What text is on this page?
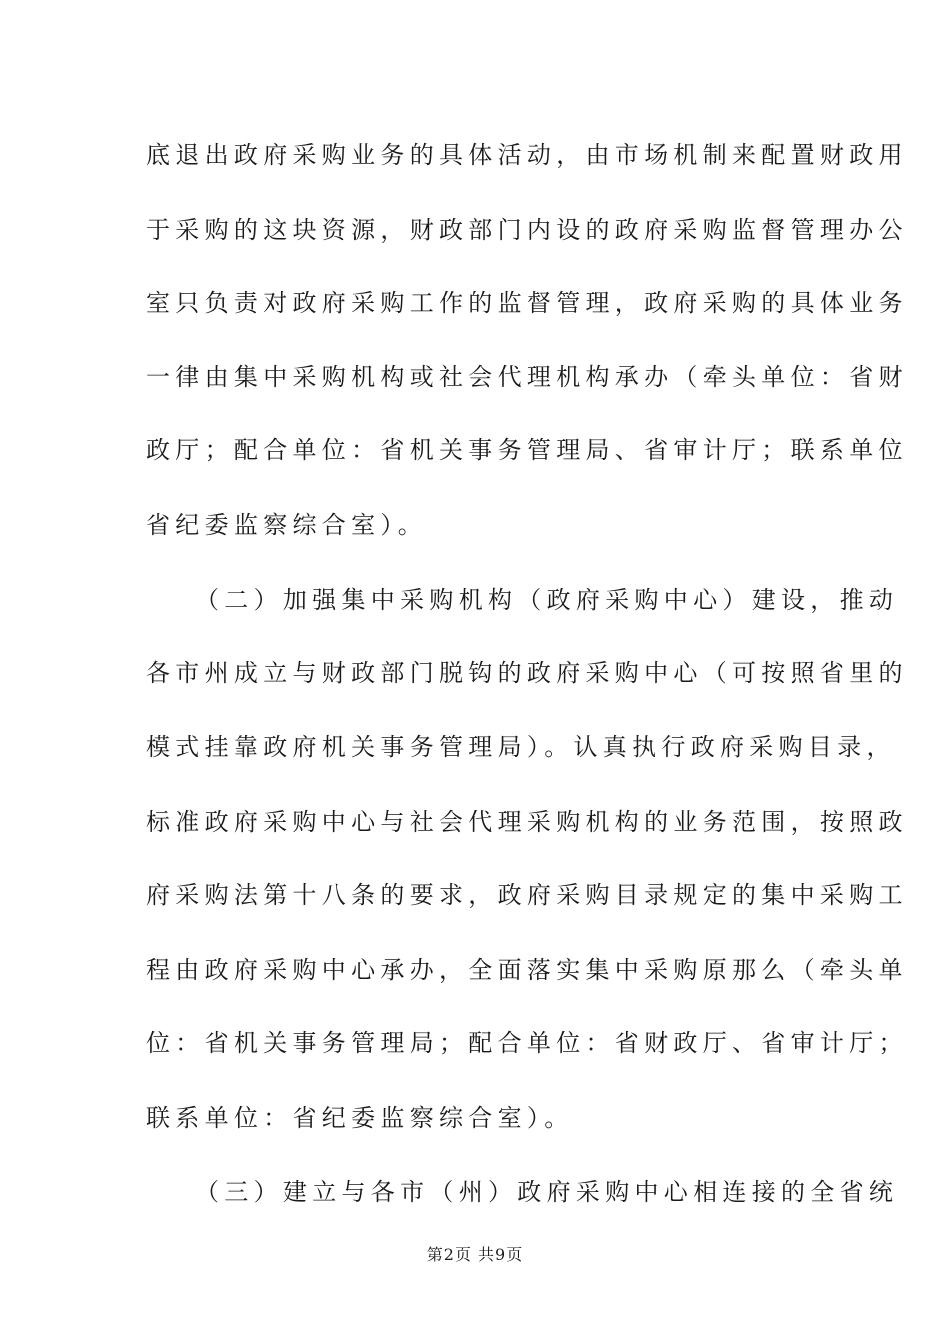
底退出政府采购业务的具体活动，由市场机制来配置财政用
于采购的这块资源，财政部门内设的政府采购监督管理办公
室只负责对政府采购工作的监督管理，政府采购的具体业务
一律由集中采购机构或社会代理机构承办（牵头单位：省财
政厅；配合单位：省机关事务管理局、省审计厅；联系单位
省纪委监察综合室）。
（二）加强集中采购机构（政府采购中心）建设，推动
各市州成立与财政部门脱钩的政府采购中心（可按照省里的
模式挂靠政府机关事务管理局）。认真执行政府采购目录，
标准政府采购中心与社会代理采购机构的业务范围，按照政
府采购法第十八条的要求，政府采购目录规定的集中采购工
程由政府采购中心承办，全面落实集中采购原那么（牵头单
位：省机关事务管理局；配合单位：省财政厅、省审计厅；
联系单位：省纪委监察综合室）。
（三）建立与各市（州）政府采购中心相连接的全省统
第2页 共9页
